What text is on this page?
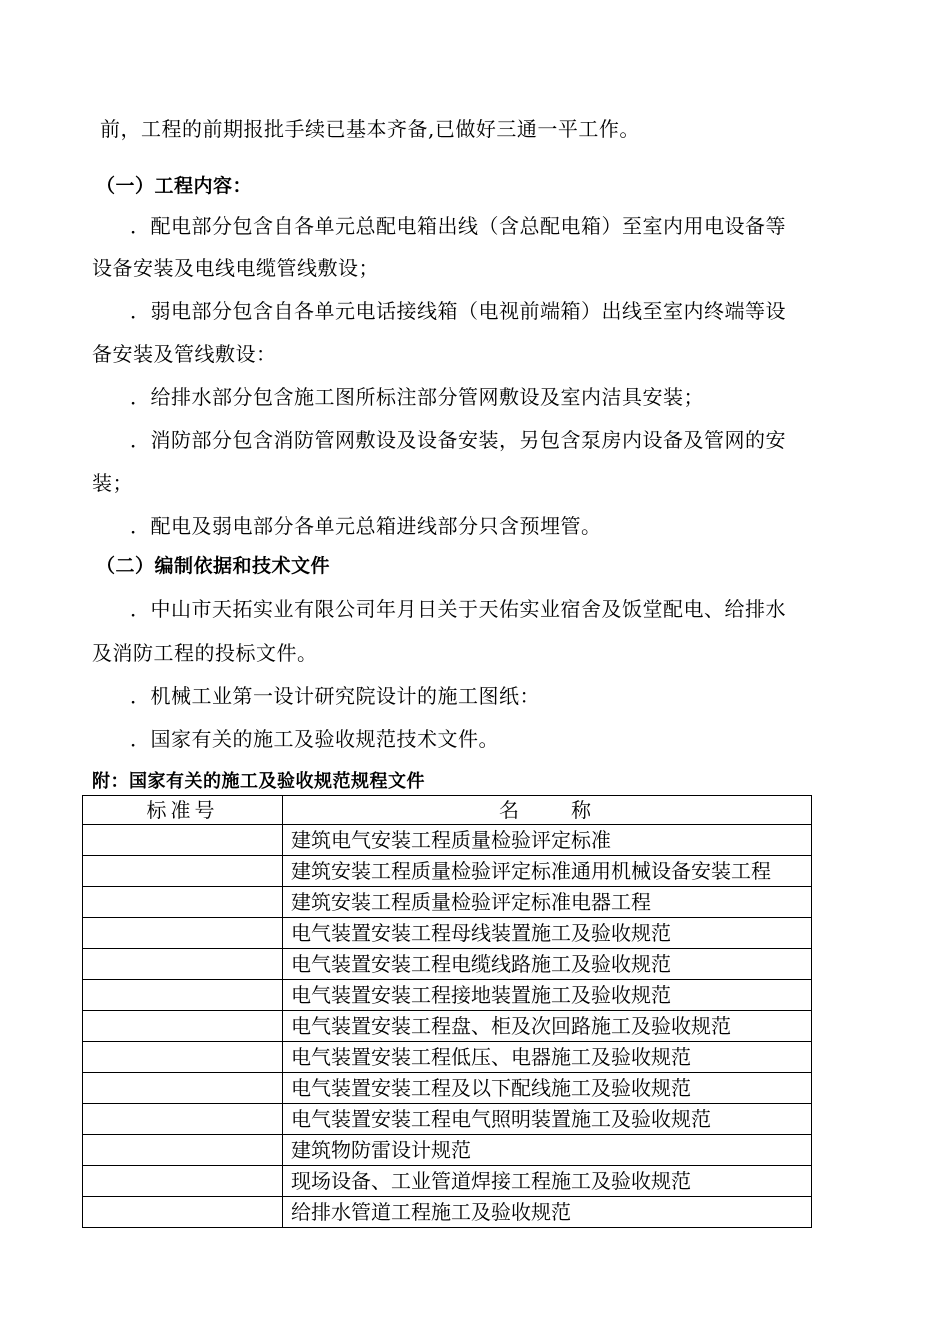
前，工程的前期报批手续已基本齐备,已做好三通一平工作。
（一）工程内容：
．配电部分包含自各单元总配电箱出线（含总配电箱）至室内用电设备等
设备安装及电线电缆管线敷设；
．弱电部分包含自各单元电话接线箱（电视前端箱）出线至室内终端等设
备安装及管线敷设：
．给排水部分包含施工图所标注部分管网敷设及室内洁具安装；
．消防部分包含消防管网敷设及设备安装，另包含泵房内设备及管网的安
装；
．配电及弱电部分各单元总箱进线部分只含预埋管。
（二）编制依据和技术文件
．中山市天拓实业有限公司年月日关于天佑实业宿舍及饭堂配电、给排水
及消防工程的投标文件。
．机械工业第一设计研究院设计的施工图纸：
．国家有关的施工及验收规范技术文件。
附：国家有关的施工及验收规范规程文件
标准号	名　　称
	建筑电气安装工程质量检验评定标准
	建筑安装工程质量检验评定标准通用机械设备安装工程
	建筑安装工程质量检验评定标准电器工程
	电气装置安装工程母线装置施工及验收规范
	电气装置安装工程电缆线路施工及验收规范
	电气装置安装工程接地装置施工及验收规范
	电气装置安装工程盘、柜及次回路施工及验收规范
	电气装置安装工程低压、电器施工及验收规范
	电气装置安装工程及以下配线施工及验收规范
	电气装置安装工程电气照明装置施工及验收规范
	建筑物防雷设计规范
	现场设备、工业管道焊接工程施工及验收规范
	给排水管道工程施工及验收规范
